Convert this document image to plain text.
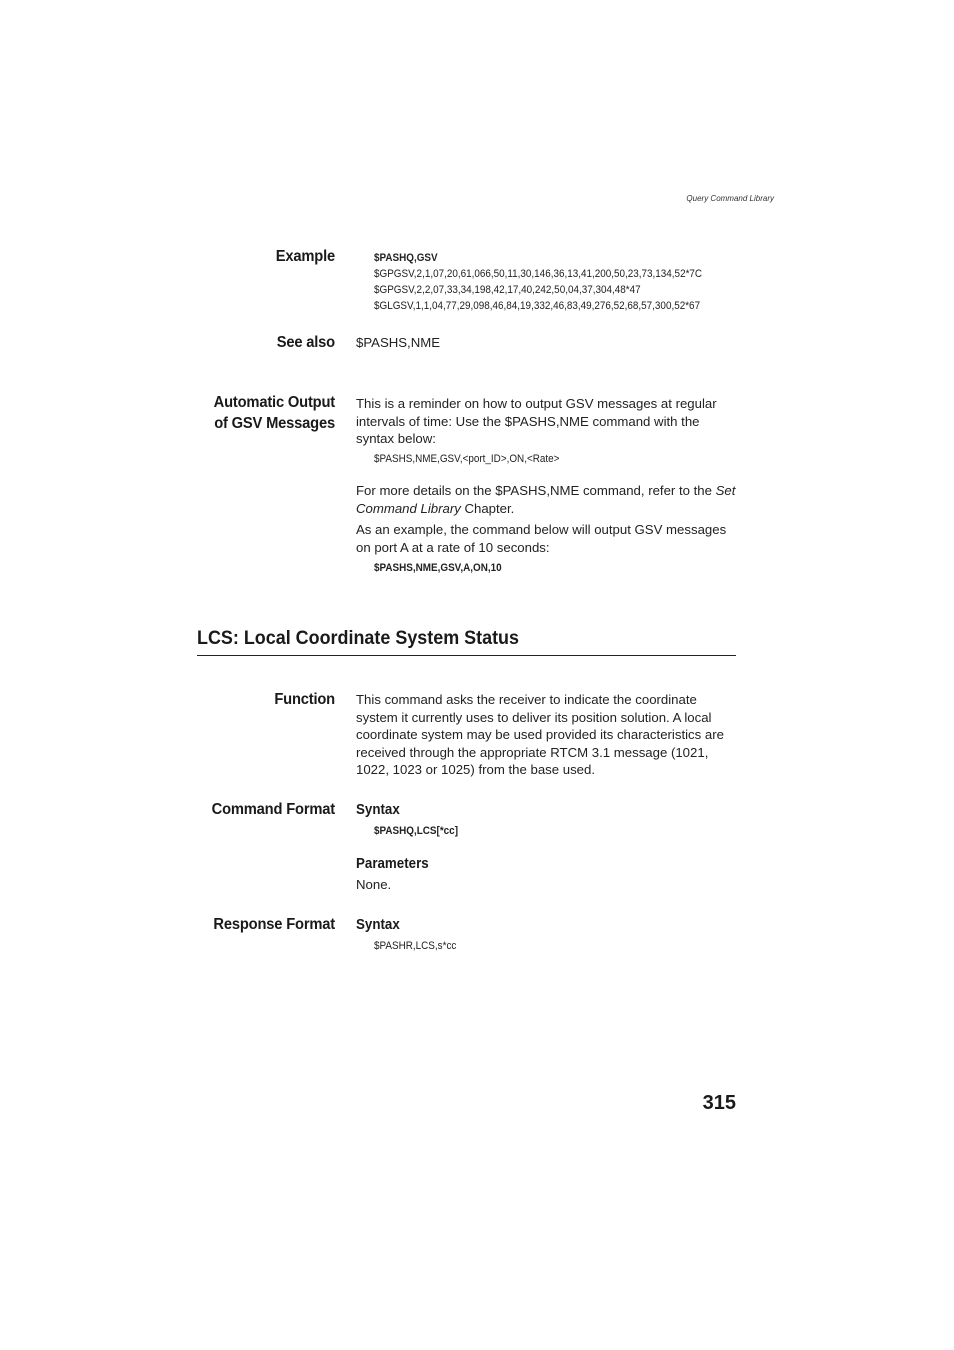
Query Command Library
Example	$PASHQ,GSV
$GPGSV,2,1,07,20,61,066,50,11,30,146,36,13,41,200,50,23,73,134,52*7C
$GPGSV,2,2,07,33,34,198,42,17,40,242,50,04,37,304,48*47
$GLGSV,1,1,04,77,29,098,46,84,19,332,46,83,49,276,52,68,57,300,52*67
See also $PASHS,NME
Automatic Output
of GSV Messages
This is a reminder on how to output GSV messages at regular intervals of time: Use the $PASHS,NME command with the syntax below:
$PASHS,NME,GSV,<port_ID>,ON,<Rate>
For more details on the $PASHS,NME command, refer to the Set Command Library Chapter.
As an example, the command below will output GSV messages on port A at a rate of 10 seconds:
$PASHS,NME,GSV,A,ON,10
LCS: Local Coordinate System Status
Function This command asks the receiver to indicate the coordinate system it currently uses to deliver its position solution. A local coordinate system may be used provided its characteristics are received through the appropriate RTCM 3.1 message (1021, 1022, 1023 or 1025) from the base used.
Command Format Syntax
$PASHQ,LCS[*cc]
Parameters
None.
Response Format Syntax
$PASHR,LCS,s*cc
315
